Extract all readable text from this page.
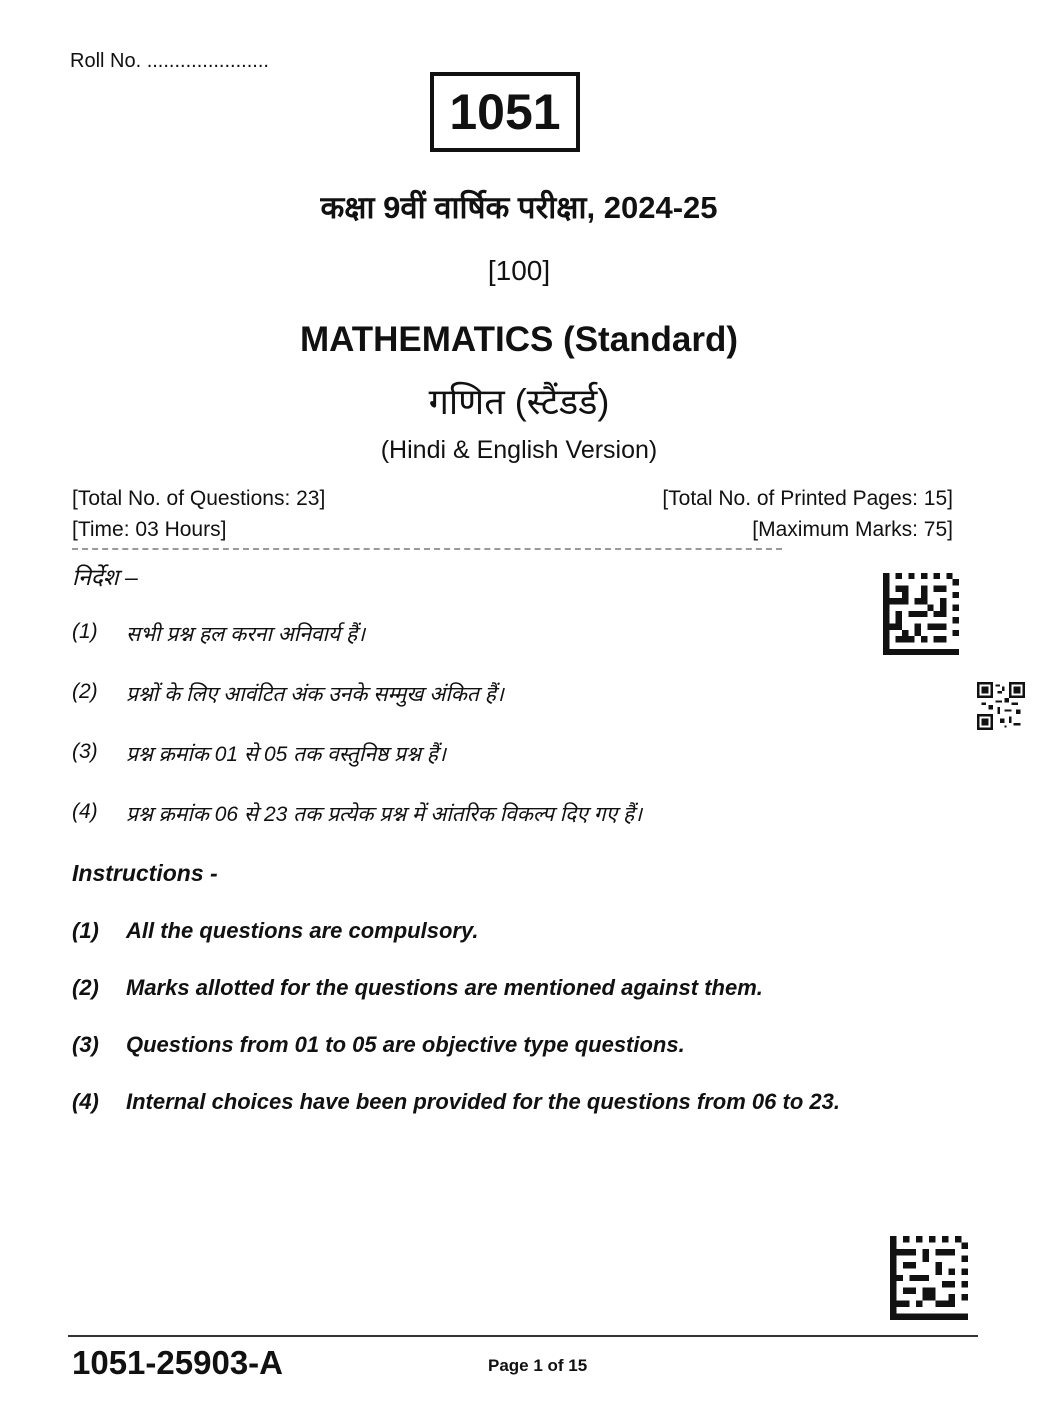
Roll No. ......................
1051
कक्षा 9वीं वार्षिक परीक्षा, 2024-25
[100]
MATHEMATICS (Standard)
गणित (स्टैंडर्ड)
(Hindi & English Version)
[Total No. of Questions: 23]
[Time: 03 Hours]
[Total No. of Printed Pages: 15]
[Maximum Marks: 75]
निर्देश –
(1)	सभी प्रश्न हल करना अनिवार्य हैं।
(2)	प्रश्नों के लिए आवंटित अंक उनके सम्मुख अंकित हैं।
(3)	प्रश्न क्रमांक 01 से 05 तक वस्तुनिष्ठ प्रश्न हैं।
(4)	प्रश्न क्रमांक 06 से 23 तक प्रत्येक प्रश्न में आंतरिक विकल्प दिए गए हैं।
Instructions -
(1)	All the questions are compulsory.
(2)	Marks allotted for the questions are mentioned against them.
(3)	Questions from 01 to 05 are objective type questions.
(4)	Internal choices have been provided for the questions from 06 to 23.
1051-25903-A	Page 1 of 15
